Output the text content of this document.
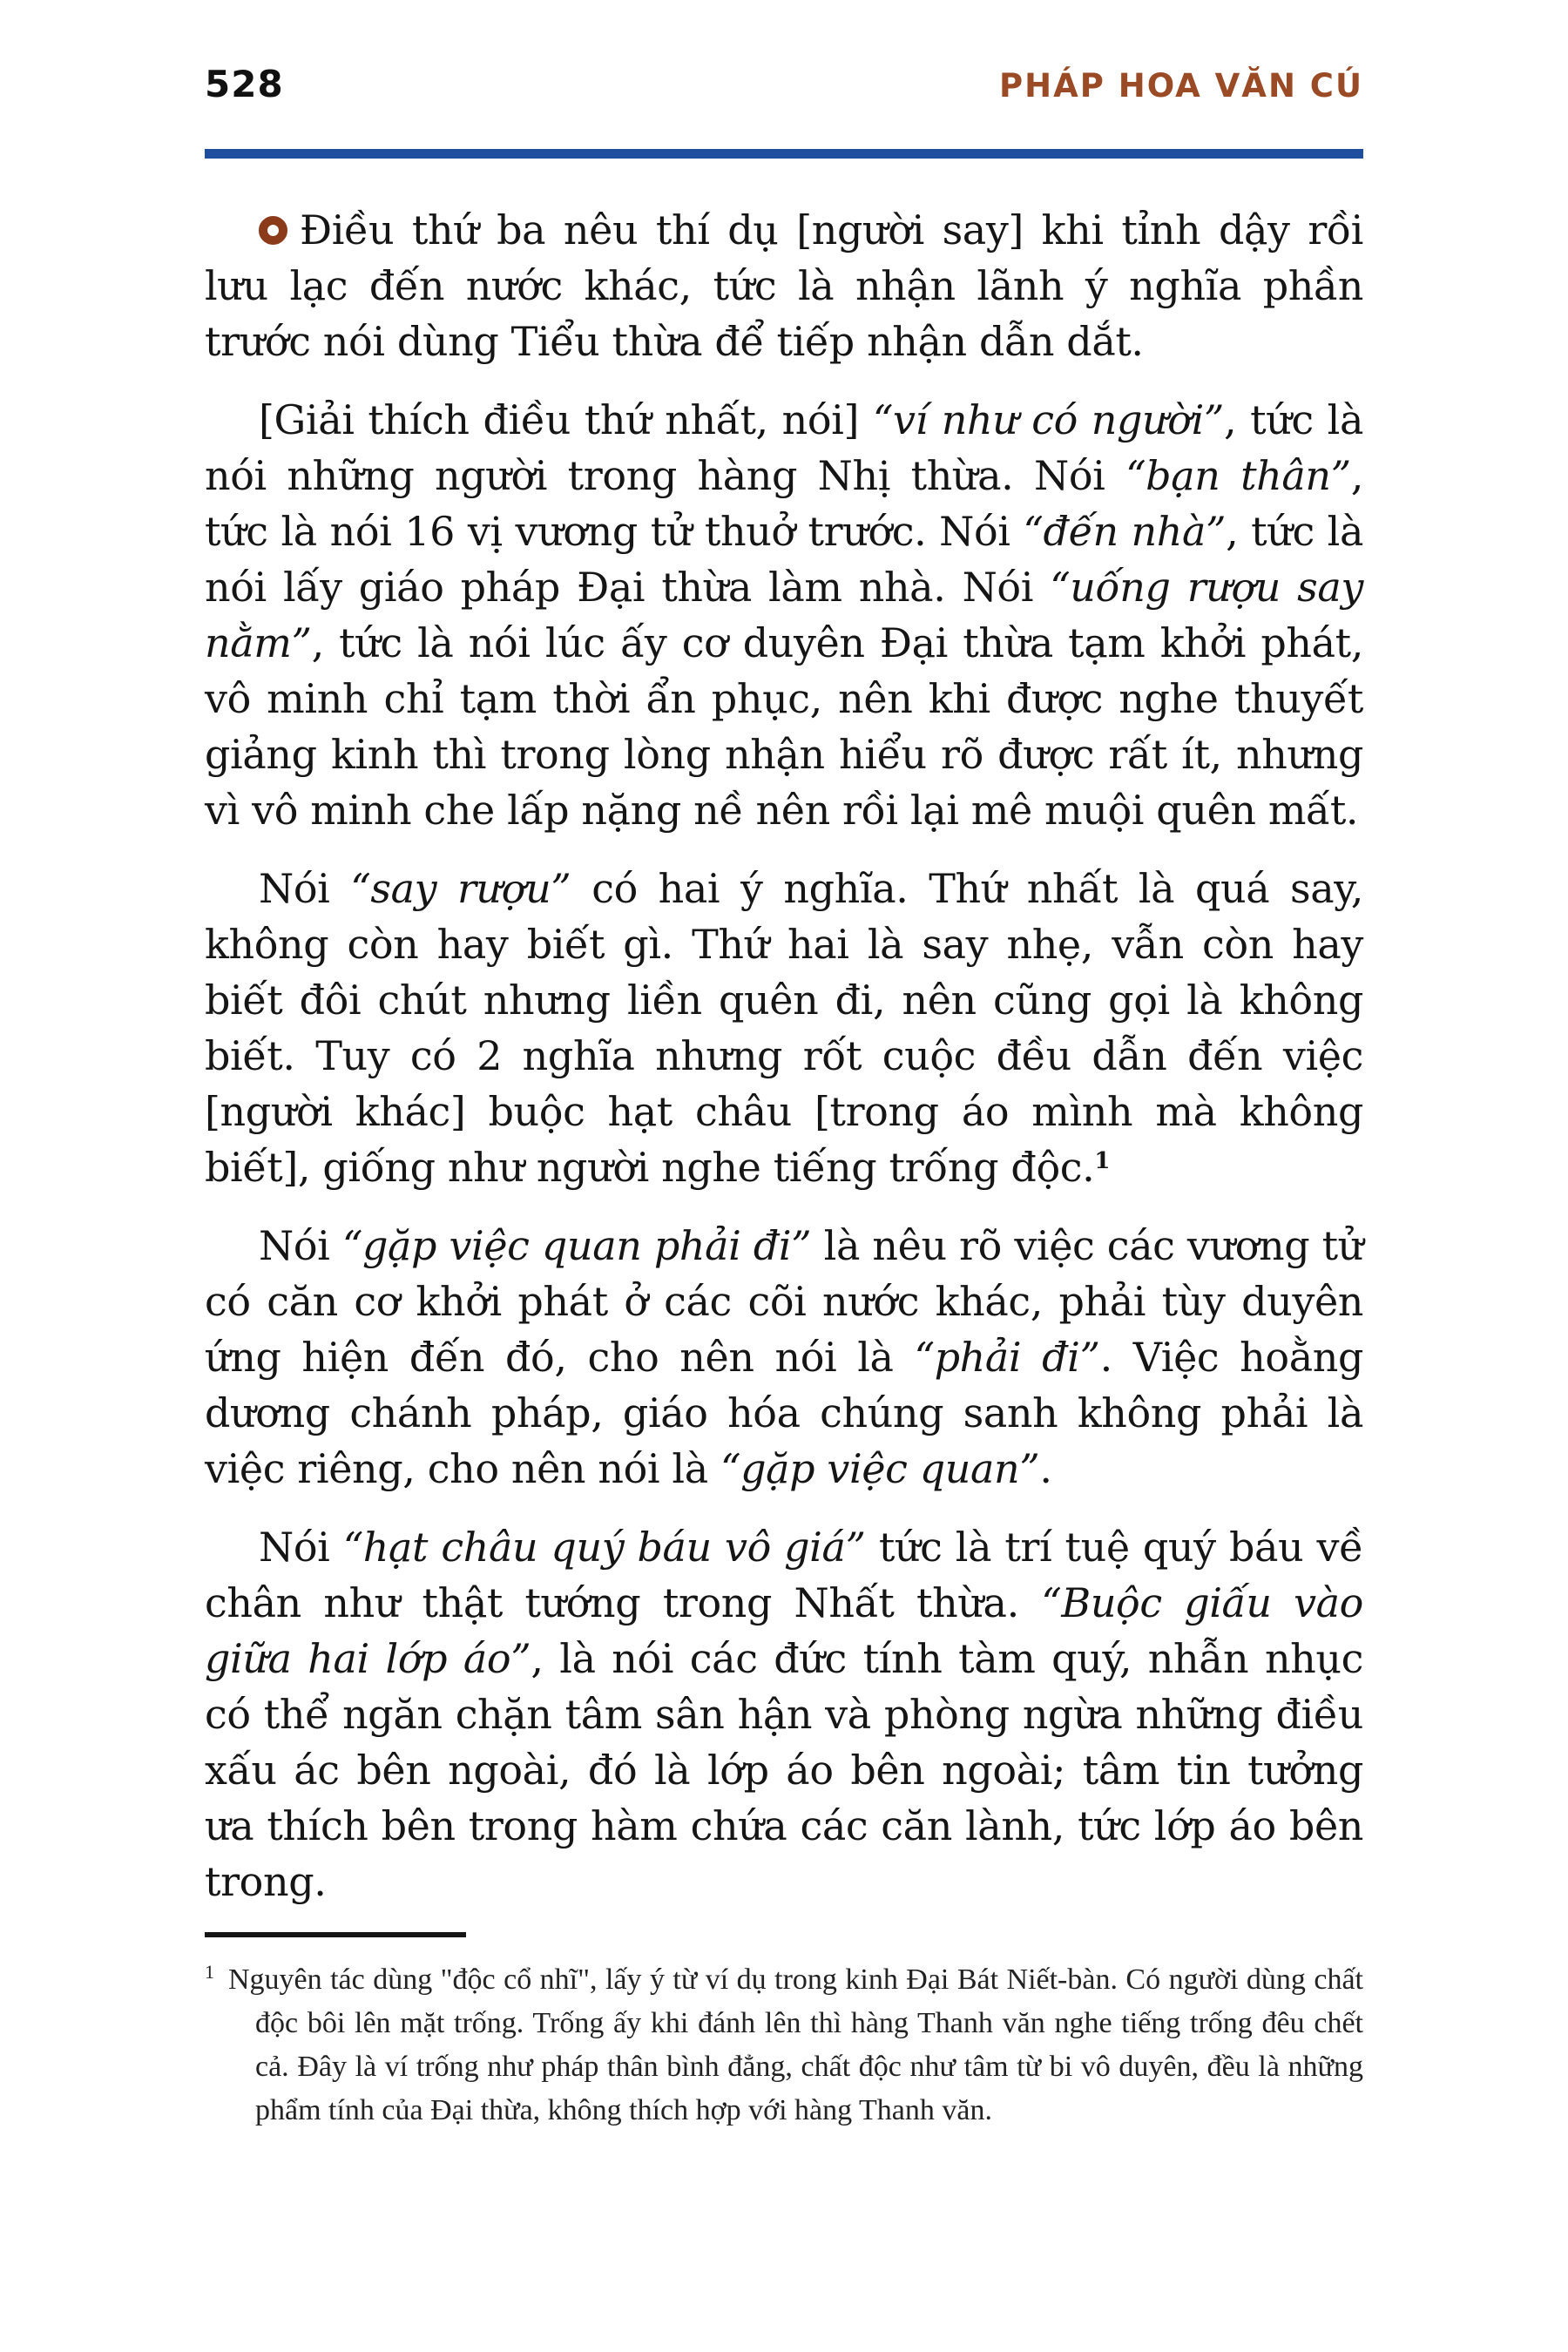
528	PHÁP HOA VĂN CÚ

Điều thứ ba nêu thí dụ [người say] khi tỉnh dậy rồi lưu lạc đến nước khác, tức là nhận lãnh ý nghĩa phần trước nói dùng Tiểu thừa để tiếp nhận dẫn dắt.

[Giải thích điều thứ nhất, nói] “ví như có người”, tức là nói những người trong hàng Nhị thừa. Nói “bạn thân”, tức là nói 16 vị vương tử thuở trước. Nói “đến nhà”, tức là nói lấy giáo pháp Đại thừa làm nhà. Nói “uống rượu say nằm”, tức là nói lúc ấy cơ duyên Đại thừa tạm khởi phát, vô minh chỉ tạm thời ẩn phục, nên khi được nghe thuyết giảng kinh thì trong lòng nhận hiểu rõ được rất ít, nhưng vì vô minh che lấp nặng nề nên rồi lại mê muội quên mất.

Nói “say rượu” có hai ý nghĩa. Thứ nhất là quá say, không còn hay biết gì. Thứ hai là say nhẹ, vẫn còn hay biết đôi chút nhưng liền quên đi, nên cũng gọi là không biết. Tuy có 2 nghĩa nhưng rốt cuộc đều dẫn đến việc [người khác] buộc hạt châu [trong áo mình mà không biết], giống như người nghe tiếng trống độc.$^1$

Nói “gặp việc quan phải đi” là nêu rõ việc các vương tử có căn cơ khởi phát ở các cõi nước khác, phải tùy duyên ứng hiện đến đó, cho nên nói là “phải đi”. Việc hoằng dương chánh pháp, giáo hóa chúng sanh không phải là việc riêng, cho nên nói là “gặp việc quan”.

Nói “hạt châu quý báu vô giá” tức là trí tuệ quý báu về chân như thật tướng trong Nhất thừa. “Buộc giấu vào giữa hai lớp áo”, là nói các đức tính tàm quý, nhẫn nhục có thể ngăn chặn tâm sân hận và phòng ngừa những điều xấu ác bên ngoài, đó là lớp áo bên ngoài; tâm tin tưởng ưa thích bên trong hàm chứa các căn lành, tức lớp áo bên trong.

$^1$ Nguyên tác dùng "độc cổ nhĩ", lấy ý từ ví dụ trong kinh Đại Bát Niết-bàn. Có người dùng chất độc bôi lên mặt trống. Trống ấy khi đánh lên thì hàng Thanh văn nghe tiếng trống đêu chết cả. Đây là ví trống như pháp thân bình đẳng, chất độc như tâm từ bi vô duyên, đều là những phẩm tính của Đại thừa, không thích hợp với hàng Thanh văn.
